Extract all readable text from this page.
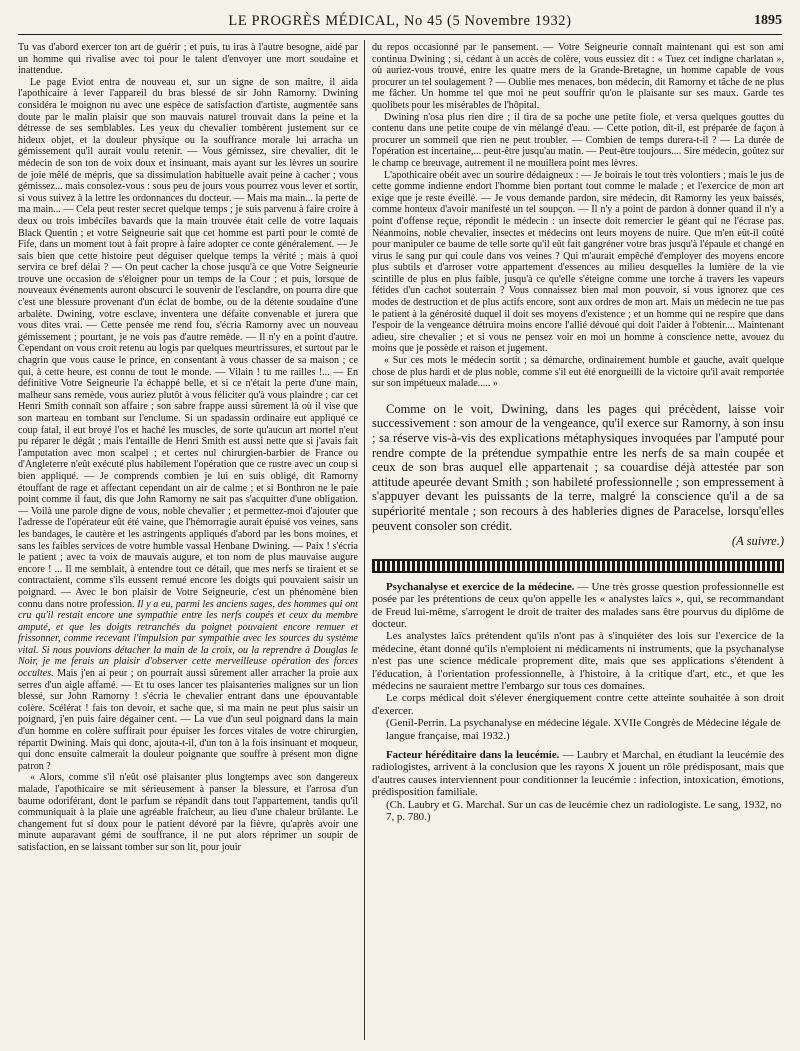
LE PROGRÈS MÉDICAL, No 45 (5 Novembre 1932)	1895

Tu vas d'abord exercer ton art de guérir ; et puis, tu iras à l'autre besogne, aidé par un homme qui rivalise avec toi pour le talent d'envoyer une mort soudaine et inattendue.

Le page Eviot entra de nouveau et, sur un signe de son maître, il aida l'apothicaire à lever l'appareil du bras blessé de sir John Ramorny. Dwining considéra le moignon nu avec une espèce de satisfaction d'artiste, augmentée sans doute par le malin plaisir que son mauvais naturel trouvait dans la peine et la détresse de ses semblables. Les yeux du chevalier tombèrent justement sur ce hideux objet, et la douleur physique ou la souffrance morale lui arracha un gémissement qu'il aurait voulu retenir. — Vous gémissez, sire chevalier, dit le médecin de son ton de voix doux et insinuant, mais ayant sur les lèvres un sourire de joie mêlé de mépris, que sa dissimulation habituelle avait peine à cacher ; vous gémissez... mais consolez-vous : sous peu de jours vous pourrez vous lever et sortir, si vous suivez à la lettre les ordonnances du docteur. — Mais ma main... la perte de ma main... — Cela peut rester secret quelque temps ; je suis parvenu à faire croire à deux ou trois imbéciles bavards que la main trouvée était celle de votre laquais Black Quentin ; et votre Seigneurie sait que cet homme est parti pour le comté de Fife, dans un moment tout à fait propre à faire adopter ce conte généralement. — Je sais bien que cette histoire peut déguiser quelque temps la vérité ; mais à quoi servira ce bref délai ? — On peut cacher la chose jusqu'à ce que Votre Seigneurie trouve une occasion de s'éloigner pour un temps de la Cour ; et puis, lorsque de nouveaux événements auront obscurci le souvenir de l'esclandre, on pourra dire que c'est une blessure provenant d'un éclat de bombe, ou de la détente soudaine d'une arbalète. Dwining, votre esclave, inventera une défaite convenable et jurera que vous dites vrai. — Cette pensée me rend fou, s'écria Ramorny avec un nouveau gémissement ; pourtant, je ne vois pas d'autre remède. — Il n'y en a point d'autre. Cependant on vous croit retenu au logis par quelques meurtrissures, et surtout par le chagrin que vous cause le prince, en consentant à vous chasser de sa maison ; ce qui, à cette heure, est connu de tout le monde. — Vilain ! tu me railles !... — En définitive Votre Seigneurie l'a échappé belle, et si ce n'était la perte d'une main, malheur sans remède, vous auriez plutôt à vous féliciter qu'à vous plaindre ; car cet Henri Smith connaît son affaire ; son sabre frappe aussi sûrement là où il vise que son marteau en tombant sur l'enclume. Si un spadassin ordinaire eut appliqué ce coup fatal, il eut broyé l'os et haché les muscles, de sorte qu'aucun art mortel n'eut pu réparer le dégât ; mais l'entaille de Henri Smith est aussi nette que si j'avais fait l'amputation avec mon scalpel ; et certes nul chirurgien-barbier de France ou d'Angleterre n'eût exécuté plus habilement l'opération que ce rustre avec un coup si bien appliqué. — Je comprends combien je lui en suis obligé, dit Ramorny étouffant de rage et affectant cependant un air de calme ; et si Bonthron ne le paie point comme il faut, dis que John Ramorny ne sait pas s'acquitter d'une obligation. — Voilà une parole digne de vous, noble chevalier ; et permettez-moi d'ajouter que l'adresse de l'opérateur eût été vaine, que l'hémorragie aurait épuisé vos veines, sans les bandages, le cautère et les astringents appliqués d'abord par les bons moines, et sans les faibles services de votre humble vassal Henbane Dwining. — Paix ! s'écria le patient ; avec ta voix de mauvais augure, et ton nom de plus mauvaise augure encore ! ... Il me semblait, à entendre tout ce détail, que mes nerfs se tiraient et se contractaient, comme s'ils eussent remué encore les doigts qui pouvaient saisir un poignard. — Avec le bon plaisir de Votre Seigneurie, c'est un phénomène bien connu dans notre profession. Il y a eu, parmi les anciens sages, des hommes qui ont cru qu'il restait encore une sympathie entre les nerfs coupés et ceux du membre amputé, et que les doigts retranchés du poignet pouvaient encore remuer et frissonner, comme recevant l'impulsion par sympathie avec les sources du système vital. Si nous pouvions détacher la main de la croix, ou la reprendre à Douglas le Noir, je me ferais un plaisir d'observer cette merveilleuse opération des forces occultes. Mais j'en ai peur ; on pourrait aussi sûrement aller arracher la proie aux serres d'un aigle affamé. — Et tu oses lancer tes plaisanteries malignes sur un lion blessé, sur John Ramorny ! s'écria le chevalier entrant dans une épouvantable colère. Scélérat ! fais ton devoir, et sache que, si ma main ne peut plus saisir un poignard, j'en puis faire dégainer cent. — La vue d'un seul poignard dans la main d'un homme en colère suffirait pour épuiser les forces vitales de votre chirurgien, répartit Dwining. Mais qui donc, ajouta-t-il, d'un ton à la fois insinuant et moqueur, qui donc ensuite calmerait la douleur poignante que souffre à présent mon digne patron ?

« Alors, comme s'il n'eût osé plaisanter plus longtemps avec son dangereux malade, l'apothicaire se mit sérieusement à panser la blessure, et l'arrosa d'un baume odoriférant, dont le parfum se répandit dans tout l'appartement, tandis qu'il communiquait à la plaie une agréable fraîcheur, au lieu d'une chaleur brûlante. Le changement fut si doux pour le patient dévoré par la fièvre, qu'après avoir une minute auparavant gémi de souffrance, il ne put alors réprimer un soupir de satisfaction, en se laissant tomber sur son lit, pour jouir

du repos occasionné par le pansement. — Votre Seigneurie connaît maintenant qui est son ami continua Dwining ; si, cédant à un accès de colère, vous eussiez dit : « Tuez cet indigne charlatan », où auriez-vous trouvé, entre les quatre mers de la Grande-Bretagne, un homme capable de vous procurer un tel soulagement ? — Oublie mes menaces, bon médecin, dit Ramorny et tâche de ne plus me fâcher. Un homme tel que moi ne peut souffrir qu'on le plaisante sur ses maux. Garde tes quolibets pour les misérables de l'hôpital.

Dwining n'osa plus rien dire ; il tira de sa poche une petite fiole, et versa quelques gouttes du contenu dans une petite coupe de vin mélangé d'eau. — Cette potion, dit-il, est préparée de façon à procurer un sommeil que rien ne peut troubler. — Combien de temps durera-t-il ? — La durée de l'opération est incertaine,... peut-être jusqu'au matin. — Peut-être toujours.... Sire médecin, goûtez sur le champ ce breuvage, autrement il ne mouillera point mes lèvres.

L'apothicaire obéit avec un sourire dédaigneux : — Je boirais le tout très volontiers ; mais le jus de cette gomme indienne endort l'homme bien portant tout comme le malade ; et l'exercice de mon art exige que je reste éveillé. — Je vous demande pardon, sire médecin, dit Ramorny les yeux baissés, comme honteux d'avoir manifesté un tel soupçon. — Il n'y a point de pardon à donner quand il n'y a point d'offense reçue, répondit le médecin : un insecte doit remercier le géant qui ne l'écrase pas. Néanmoins, noble chevalier, insectes et médecins ont leurs moyens de nuire. Que m'en eût-il coûté pour manipuler ce baume de telle sorte qu'il eût fait gangréner votre bras jusqu'à l'épaule et changé en virus le sang pur qui coule dans vos veines ? Qui m'aurait empêché d'employer des moyens encore plus subtils et d'arroser votre appartement d'essences au milieu desquelles la lumière de la vie scintille de plus en plus faible, jusqu'à ce qu'elle s'éteigne comme une torche à travers les vapeurs fétides d'un cachot souterrain ? Vous connaissez bien mal mon pouvoir, si vous ignorez que ces modes de destruction et de plus actifs encore, sont aux ordres de mon art. Mais un médecin ne tue pas le patient à la générosité duquel il doit ses moyens d'existence ; et un homme qui ne respire que dans l'espoir de la vengeance détruira moins encore l'allié dévoué qui doit l'aider à l'obtenir.... Maintenant adieu, sire chevalier ; et si vous ne pensez voir en moi un homme à conscience nette, avouez du moins que je possède et raison et jugement.

« Sur ces mots le médecin sortit ; sa démarche, ordinairement humble et gauche, avait quelque chose de plus hardi et de plus noble, comme s'il eut été enorgueilli de la victoire qu'il avait remportée sur son impétueux malade..... »

Comme on le voit, Dwining, dans les pages qui précèdent, laisse voir successivement : son amour de la vengeance, qu'il exerce sur Ramorny, à son insu ; sa réserve vis-à-vis des explications métaphysiques invoquées par l'amputé pour rendre compte de la prétendue sympathie entre les nerfs de sa main coupée et ceux de son bras auquel elle appartenait ; sa couardise déjà attestée par son attitude apeurée devant Smith ; son habileté professionnelle ; son empressement à s'appuyer devant les puissants de la terre, malgré la conscience qu'il a de sa supériorité mentale ; son recours à des hableries dignes de Paracelse, lorsqu'elles peuvent consoler son crédit.

(A suivre.)

Psychanalyse et exercice de la médecine. — Une très grosse question professionnelle est posée par les prétentions de ceux qu'on appelle les « analystes laïcs », qui, se recommandant de Freud lui-même, s'arrogent le droit de traiter des malades sans être pourvus du diplôme de docteur.

Les analystes laïcs prétendent qu'ils n'ont pas à s'inquiéter des lois sur l'exercice de la médecine, étant donné qu'ils n'emploient ni médicaments ni instruments, que la psychanalyse n'est pas une science médicale proprement dite, mais que ses applications s'étendent à l'éducation, à l'orientation professionnelle, à l'histoire, à la critique d'art, etc., et que les médecins ne sauraient mettre l'embargo sur tous ces domaines.

Le corps médical doit s'élever énergiquement contre cette atteinte souhaitée à son droit d'exercer.

(Genil-Perrin. La psychanalyse en médecine légale. XVIIe Congrès de Médecine légale de langue française, mai 1932.)

Facteur héréditaire dans la leucémie. — Laubry et Marchal, en étudiant la leucémie des radiologistes, arrivent à la conclusion que les rayons X jouent un rôle prédisposant, mais que d'autres causes interviennent pour conditionner la leucémie : infection, intoxication, émotions, prédisposition familiale.

(Ch. Laubry et G. Marchal. Sur un cas de leucémie chez un radiologiste. Le sang, 1932, no 7, p. 780.)
